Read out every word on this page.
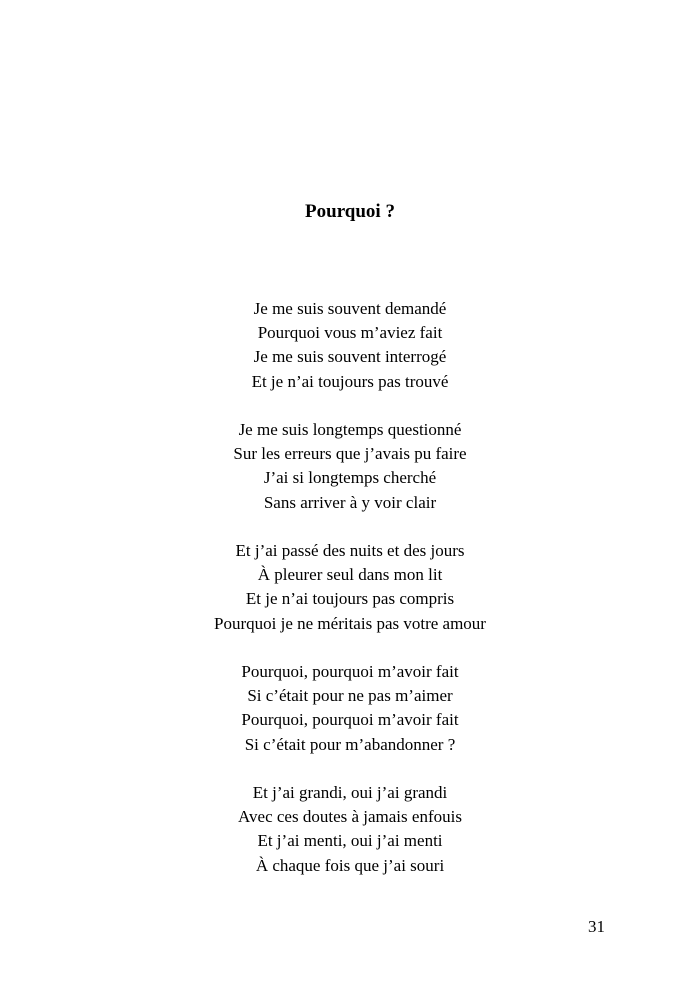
Pourquoi ?
Je me suis souvent demandé
Pourquoi vous m’aviez fait
Je me suis souvent interrogé
Et je n’ai toujours pas trouvé
Je me suis longtemps questionné
Sur les erreurs que j’avais pu faire
J’ai si longtemps cherché
Sans arriver à y voir clair
Et j’ai passé des nuits et des jours
À pleurer seul dans mon lit
Et je n’ai toujours pas compris
Pourquoi je ne méritais pas votre amour
Pourquoi, pourquoi m’avoir fait
Si c’était pour ne pas m’aimer
Pourquoi, pourquoi m’avoir fait
Si c’était pour m’abandonner ?
Et j’ai grandi, oui j’ai grandi
Avec ces doutes à jamais enfouis
Et j’ai menti, oui j’ai menti
À chaque fois que j’ai souri
31
